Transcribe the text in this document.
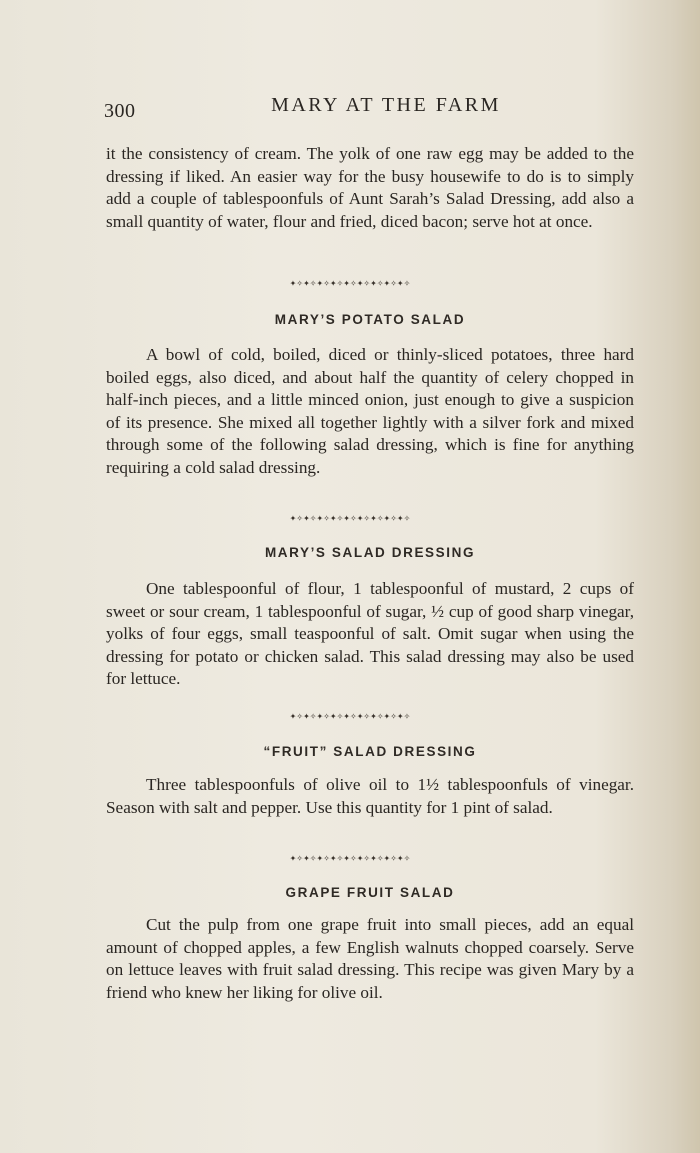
300	MARY AT THE FARM

it the consistency of cream. The yolk of one raw egg may be added to the dressing if liked. An easier way for the busy housewife to do is to simply add a couple of tablespoonfuls of Aunt Sarah’s Salad Dressing, add also a small quantity of water, flour and fried, diced bacon; serve hot at once.

✦✧✦✧✦✧✦✧✦✧✦✧✦✧✦✧✦✧
MARY’S POTATO SALAD

A bowl of cold, boiled, diced or thinly-sliced potatoes, three hard boiled eggs, also diced, and about half the quantity of celery chopped in half-inch pieces, and a little minced onion, just enough to give a suspicion of its presence. She mixed all together lightly with a silver fork and mixed through some of the following salad dressing, which is fine for anything requiring a cold salad dressing.

✦✧✦✧✦✧✦✧✦✧✦✧✦✧✦✧✦✧
MARY’S SALAD DRESSING

One tablespoonful of flour, 1 tablespoonful of mustard, 2 cups of sweet or sour cream, 1 tablespoonful of sugar, ½ cup of good sharp vinegar, yolks of four eggs, small teaspoonful of salt. Omit sugar when using the dressing for potato or chicken salad. This salad dressing may also be used for lettuce.

✦✧✦✧✦✧✦✧✦✧✦✧✦✧✦✧✦✧
“FRUIT” SALAD DRESSING

Three tablespoonfuls of olive oil to 1½ tablespoonfuls of vinegar. Season with salt and pepper. Use this quantity for 1 pint of salad.

✦✧✦✧✦✧✦✧✦✧✦✧✦✧✦✧✦✧
GRAPE FRUIT SALAD

Cut the pulp from one grape fruit into small pieces, add an equal amount of chopped apples, a few English walnuts chopped coarsely. Serve on lettuce leaves with fruit salad dressing. This recipe was given Mary by a friend who knew her liking for olive oil.
